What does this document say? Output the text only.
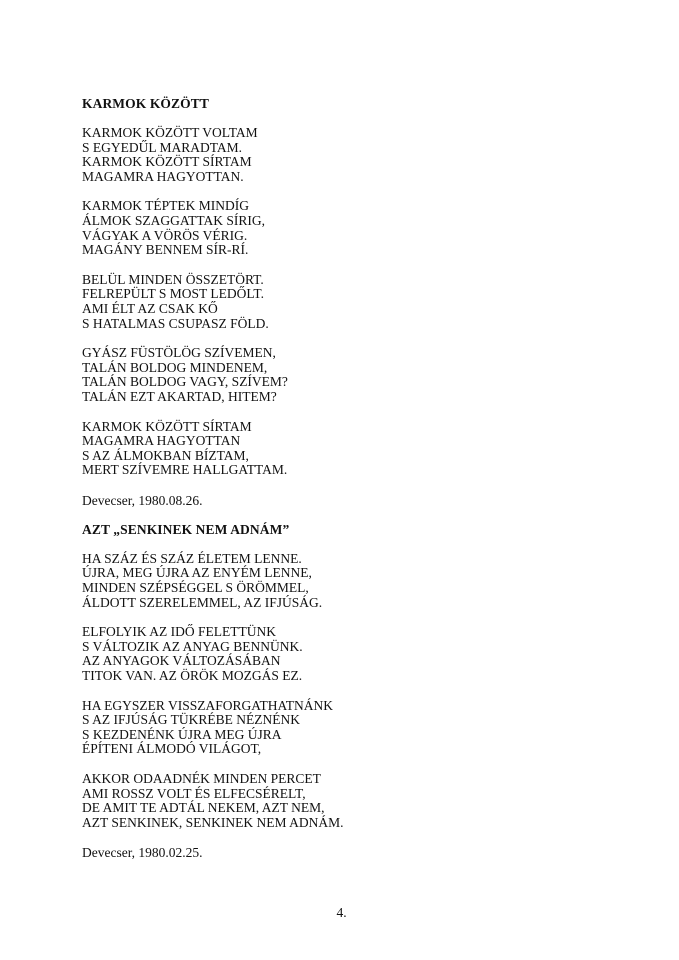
KARMOK KÖZÖTT
KARMOK KÖZÖTT VOLTAM
S EGYEDŰL MARADTAM.
KARMOK KÖZÖTT SÍRTAM
MAGAMRA HAGYOTTAN.
KARMOK TÉPTEK MINDÍG
ÁLMOK SZAGGATTAK SÍRIG,
VÁGYAK A VÖRÖS VÉRIG.
MAGÁNY BENNEM SÍR-RÍ.
BELÜL MINDEN ÖSSZETÖRT.
FELREPÜLT S MOST LEDŐLT.
AMI ÉLT AZ CSAK KŐ
S HATALMAS CSUPASZ FÖLD.
GYÁSZ FÜSTÖLÖG SZÍVEMEN,
TALÁN BOLDOG MINDENEM,
TALÁN BOLDOG VAGY, SZÍVEM?
TALÁN EZT AKARTAD, HITEM?
KARMOK KÖZÖTT SÍRTAM
MAGAMRA HAGYOTTAN
S AZ ÁLMOKBAN BÍZTAM,
MERT SZÍVEMRE HALLGATTAM.
Devecser, 1980.08.26.
AZT „SENKINEK NEM ADNÁM”
HA SZÁZ ÉS SZÁZ ÉLETEM LENNE.
ÚJRA, MEG ÚJRA AZ ENYÉM LENNE,
MINDEN SZÉPSÉGGEL S ÖRÖMMEL,
ÁLDOTT SZERELEMMEL, AZ IFJÚSÁG.
ELFOLYIK AZ IDŐ FELETTÜNK
S VÁLTOZIK AZ ANYAG BENNÜNK.
AZ ANYAGOK VÁLTOZÁSÁBAN
TITOK VAN. AZ ÖRÖK MOZGÁS EZ.
HA EGYSZER VISSZAFORGATHATNÁNK
S AZ IFJÚSÁG TÜKRÉBE NÉZNÉNK
S KEZDENÉNK ÚJRA MEG ÚJRA
ÉPÍTENI ÁLMODÓ VILÁGOT,
AKKOR ODAADNÉK MINDEN PERCET
AMI ROSSZ VOLT ÉS ELFECSÉRELT,
DE AMIT TE ADTÁL NEKEM, AZT NEM,
AZT SENKINEK, SENKINEK NEM ADNÁM.
Devecser, 1980.02.25.
4.
